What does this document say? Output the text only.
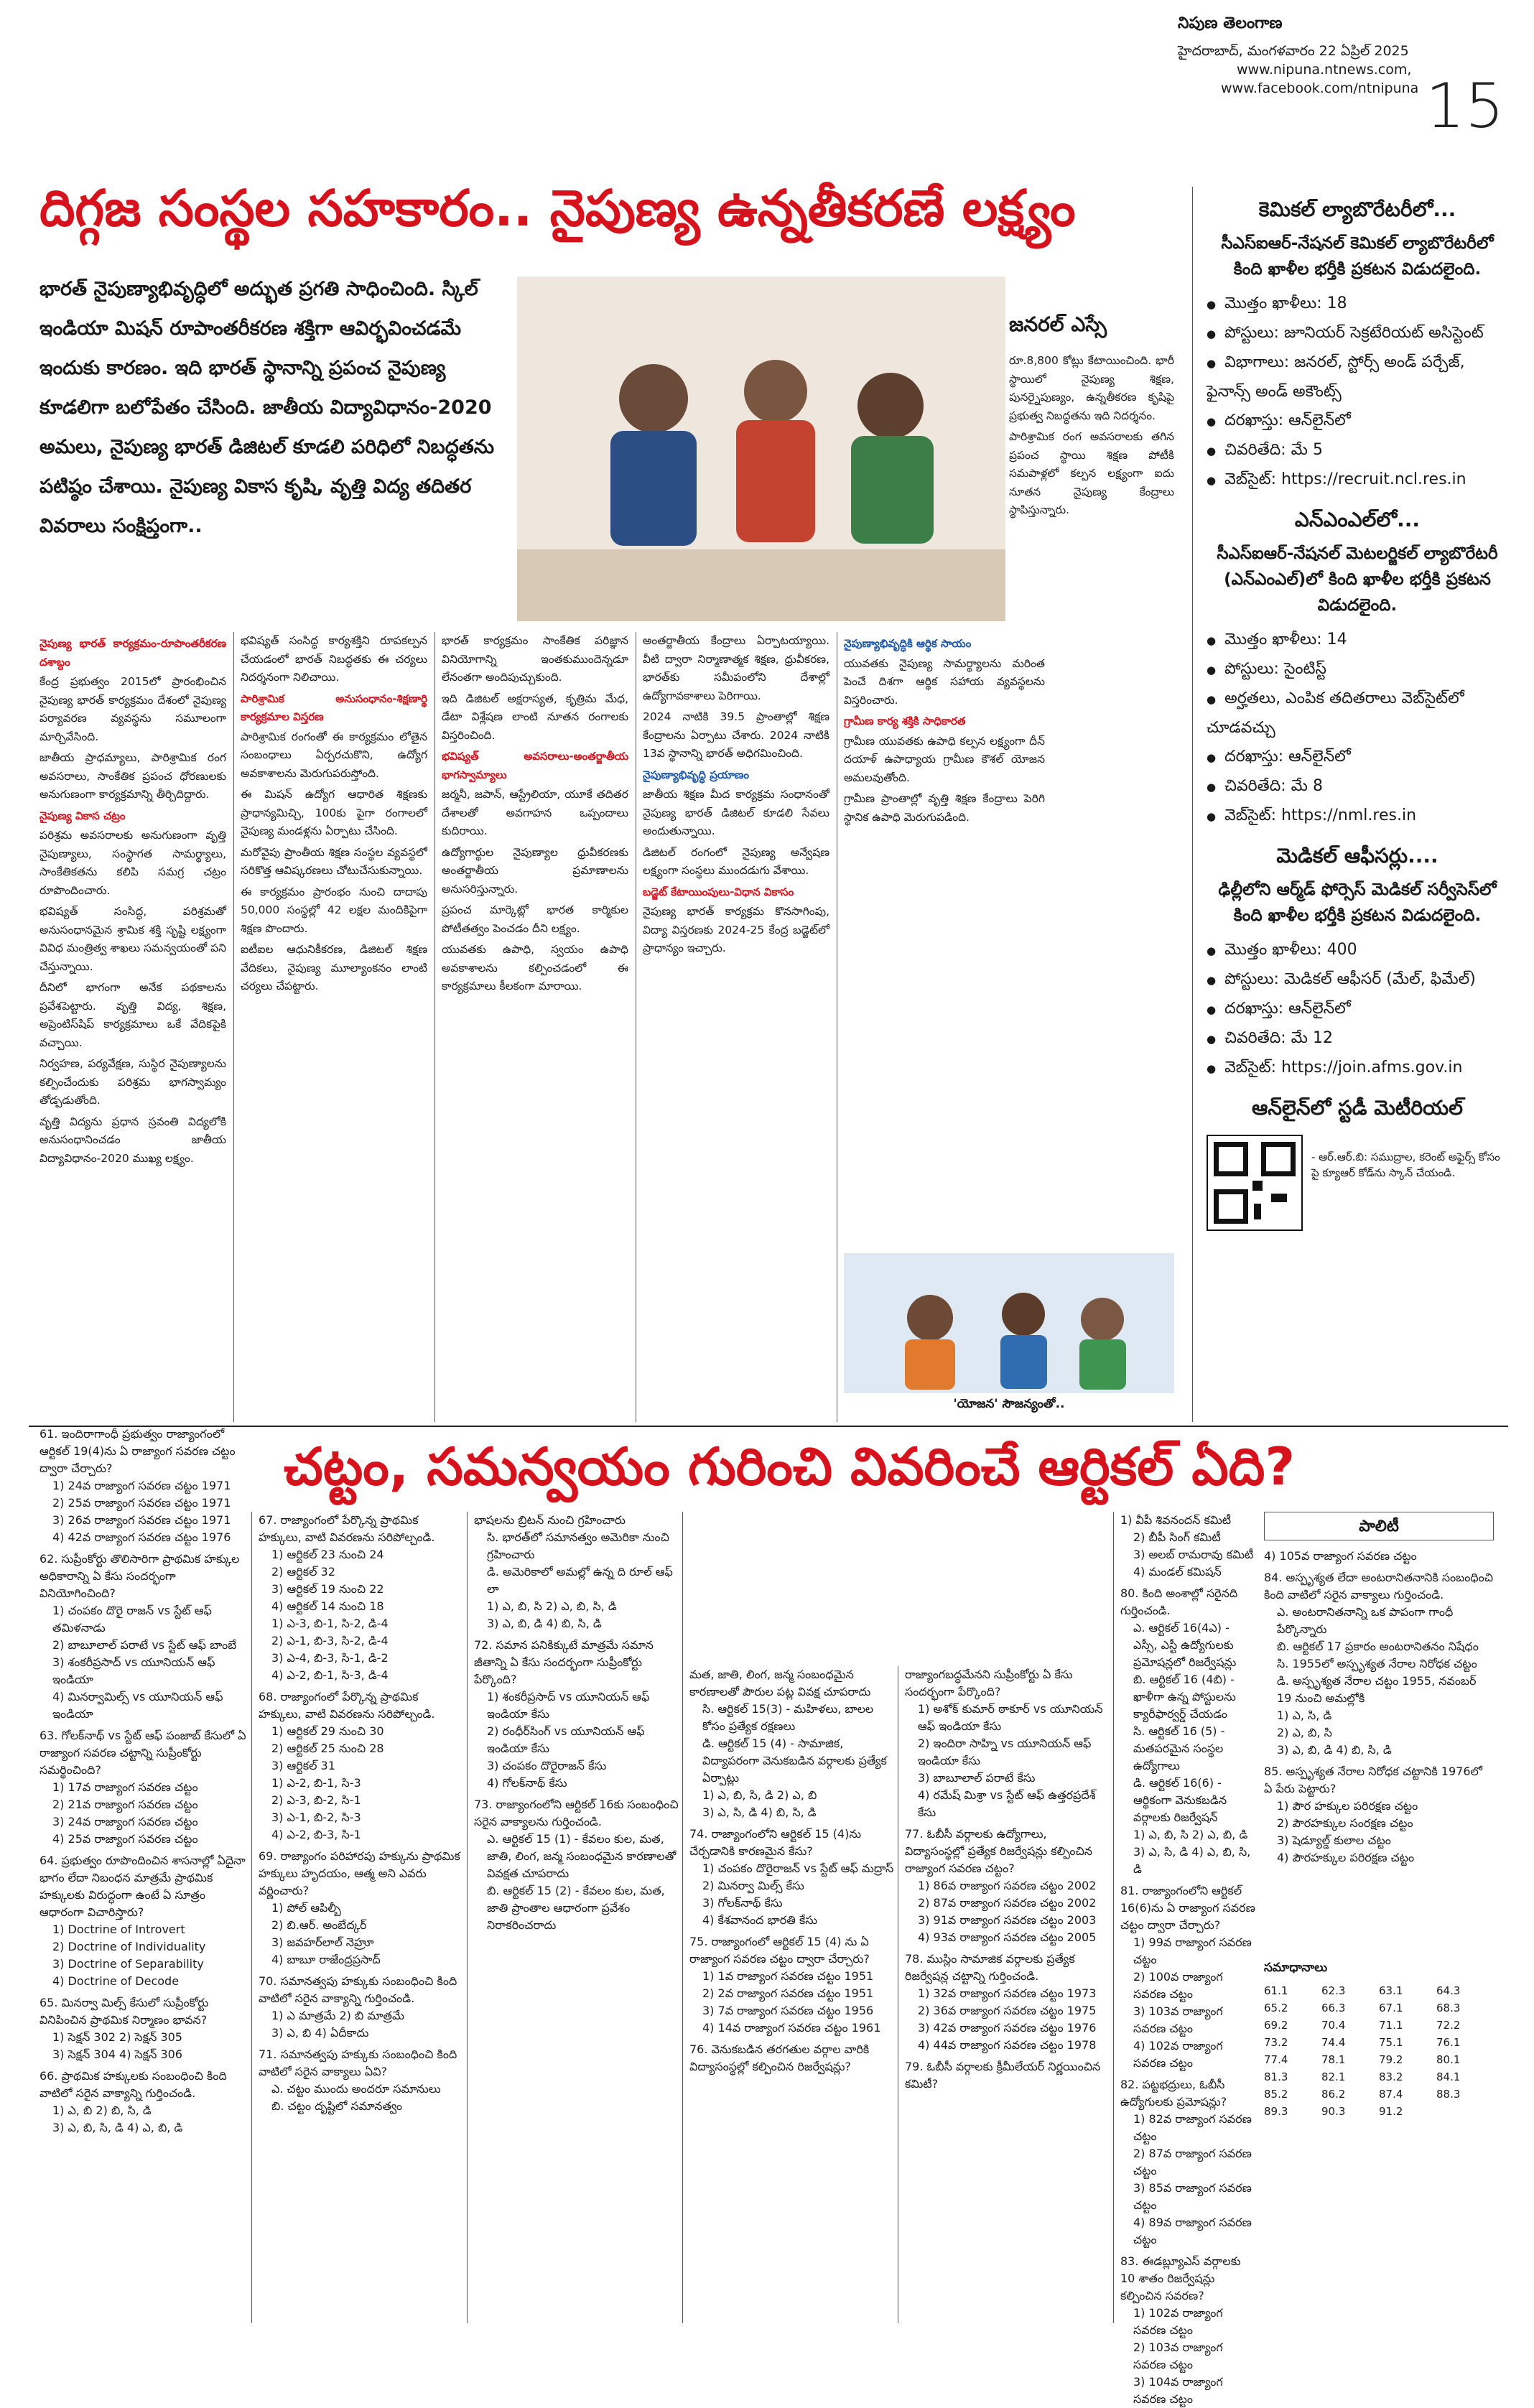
నిపుణ తెలంగాణ
హైదరాబాద్, మంగళవారం 22 ఏప్రిల్ 2025
www.nipuna.ntnews.com,
www.facebook.com/ntnipuna 15
దిగ్గజ సంస్థల సహకారం.. నైపుణ్య ఉన్నతీకరణే లక్ష్యం
భారత్ నైపుణ్యాభివృద్ధిలో అద్భుత ప్రగతి సాధించింది. స్కిల్ ఇండియా మిషన్ రూపాంతరీకరణ శక్తిగా ఆవిర్భవించడమే ఇందుకు కారణం. ఇది భారత్ స్థానాన్ని ప్రపంచ నైపుణ్య కూడలిగా బలోపేతం చేసింది. జాతీయ విద్యావిధానం-2020 అమలు, నైపుణ్య భారత్ డిజిటల్ కూడలి పరిధిలో నిబద్ధతను పటిష్ఠం చేశాయి. నైపుణ్య వికాస కృషి, వృత్తి విద్య తదితర వివరాలు సంక్షిప్తంగా..
జనరల్ ఎస్సే

రూ.8,800 కోట్లు కేటాయించింది. భారీ స్థాయిలో నైపుణ్య శిక్షణ, పునర్నైపుణ్యం, ఉన్నతీకరణ కృషిపై ప్రభుత్వ నిబద్ధతను ఇది నిదర్శనం.

పారిశ్రామిక రంగ అవసరాలకు తగిన ప్రపంచ స్థాయి శిక్షణ పోటీకి సమపాళ్లలో కల్పన లక్ష్యంగా ఐదు నూతన నైపుణ్య కేంద్రాలు స్థాపిస్తున్నారు.

నైపుణ్య భారత్ కార్యక్రమం-రూపాంతరీకరణ దశాబ్దం

కేంద్ర ప్రభుత్వం 2015లో ప్రారంభించిన నైపుణ్య భారత్ కార్యక్రమం దేశంలో నైపుణ్య పర్యావరణ వ్యవస్థను సమూలంగా మార్చివేసింది.

జాతీయ ప్రాధమ్యాలు, పారిశ్రామిక రంగ అవసరాలు, సాంకేతిక ప్రపంచ ధోరణులకు అనుగుణంగా కార్యక్రమాన్ని తీర్చిదిద్దారు.

నైపుణ్య వికాస చట్రం

పరిశ్రమ అవసరాలకు అనుగుణంగా వృత్తి నైపుణ్యాలు, సంస్థాగత సామర్థ్యాలు, సాంకేతికతను కలిపి సమగ్ర చట్రం రూపొందించారు.

భవిష్యత్ సంసిద్ధ, పరిశ్రమతో అనుసంధానమైన శ్రామిక శక్తి సృష్టి లక్ష్యంగా వివిధ మంత్రిత్వ శాఖలు సమన్వయంతో పని చేస్తున్నాయి.

దీనిలో భాగంగా అనేక పథకాలను ప్రవేశపెట్టారు. వృత్తి విద్య, శిక్షణ, అప్రెంటిస్‌షిప్ కార్యక్రమాలు ఒకే వేదికపైకి వచ్చాయి.

నిర్వహణ, పర్యవేక్షణ, సుస్థిర నైపుణ్యాలను కల్పించేందుకు పరిశ్రమ భాగస్వామ్యం తోడ్పడుతోంది.

వృత్తి విద్యను ప్రధాన స్రవంతి విద్యలోకి అనుసంధానించడం జాతీయ విద్యావిధానం-2020 ముఖ్య లక్ష్యం.

భవిష్యత్ సంసిద్ధ కార్యశక్తిని రూపకల్పన చేయడంలో భారత్ నిబద్ధతకు ఈ చర్యలు నిదర్శనంగా నిలిచాయి.

పారిశ్రామిక అనుసంధానం-శిక్షణార్థి కార్యక్రమాల విస్తరణ

పారిశ్రామిక రంగంతో ఈ కార్యక్రమం లోతైన సంబంధాలు ఏర్పరచుకొని, ఉద్యోగ అవకాశాలను మెరుగుపరుస్తోంది.

ఈ మిషన్ ఉద్యోగ ఆధారిత శిక్షణకు ప్రాధాన్యమిచ్చి, 100కు పైగా రంగాలలో నైపుణ్య మండళ్లను ఏర్పాటు చేసింది.

మరోవైపు ప్రాంతీయ శిక్షణ సంస్థల వ్యవస్థలో సరికొత్త ఆవిష్కరణలు చోటుచేసుకున్నాయి.

ఈ కార్యక్రమం ప్రారంభం నుంచి దాదాపు 50,000 సంస్థల్లో 42 లక్షల మందికిపైగా శిక్షణ పొందారు.

ఐటీఐల ఆధునికీకరణ, డిజిటల్ శిక్షణ వేదికలు, నైపుణ్య మూల్యాంకనం లాంటి చర్యలు చేపట్టారు.

భారత్ కార్యక్రమం సాంకేతిక పరిజ్ఞాన వినియోగాన్ని ఇంతకుముందెన్నడూ లేనంతగా అందిపుచ్చుకుంది.

ఇది డిజిటల్ అక్షరాస్యత, కృత్రిమ మేధ, డేటా విశ్లేషణ లాంటి నూతన రంగాలకు విస్తరించింది.

భవిష్యత్ అవసరాలు-అంతర్జాతీయ భాగస్వామ్యాలు

జర్మనీ, జపాన్, ఆస్ట్రేలియా, యూకే తదితర దేశాలతో అవగాహన ఒప్పందాలు కుదిరాయి.

ఉద్యోగార్థుల నైపుణ్యాల ధ్రువీకరణకు అంతర్జాతీయ ప్రమాణాలను అనుసరిస్తున్నారు.

ప్రపంచ మార్కెట్లో భారత కార్మికుల పోటీతత్వం పెంచడం దీని లక్ష్యం.

యువతకు ఉపాధి, స్వయం ఉపాధి అవకాశాలను కల్పించడంలో ఈ కార్యక్రమాలు కీలకంగా మారాయి.

అంతర్జాతీయ కేంద్రాలు ఏర్పాటయ్యాయి. వీటి ద్వారా నిర్మాణాత్మక శిక్షణ, ధ్రువీకరణ, భారత్‌కు సమీపంలోని దేశాల్లో ఉద్యోగావకాశాలు పెరిగాయి.

2024 నాటికి 39.5 ప్రాంతాల్లో శిక్షణ కేంద్రాలను ఏర్పాటు చేశారు. 2024 నాటికి 13వ స్థానాన్ని భారత్ అధిగమించింది.

నైపుణ్యాభివృద్ధి ప్రయాణం

జాతీయ శిక్షణ మీద కార్యక్రమ సంధానంతో నైపుణ్య భారత్ డిజిటల్ కూడలి సేవలు అందుతున్నాయి.

డిజిటల్ రంగంలో నైపుణ్య అన్వేషణ లక్ష్యంగా సంస్థలు ముందడుగు వేశాయి.

బడ్జెట్ కేటాయింపులు-విధాన వికాసం

నైపుణ్య భారత్ కార్యక్రమ కొనసాగింపు, విద్యా విస్తరణకు 2024-25 కేంద్ర బడ్జెట్‌లో ప్రాధాన్యం ఇచ్చారు.

నైపుణ్యాభివృద్ధికి ఆర్థిక సాయం

యువతకు నైపుణ్య సామర్థ్యాలను మరింత పెంచే దిశగా ఆర్థిక సహాయ వ్యవస్థలను విస్తరించారు.

గ్రామీణ కార్య శక్తికి సాధికారత

గ్రామీణ యువతకు ఉపాధి కల్పన లక్ష్యంగా దీన్ దయాళ్ ఉపాధ్యాయ గ్రామీణ కౌశల్ యోజన అమలవుతోంది.

గ్రామీణ ప్రాంతాల్లో వృత్తి శిక్షణ కేంద్రాలు పెరిగి స్థానిక ఉపాధి మెరుగుపడింది.

'యోజన' సౌజన్యంతో..
కెమికల్ ల్యాబొరేటరీలో...
సీఎస్ఐఆర్-నేషనల్ కెమికల్ ల్యాబొరేటరీలో కింది ఖాళీల భర్తీకి ప్రకటన విడుదలైంది.
● మొత్తం ఖాళీలు: 18
● పోస్టులు: జూనియర్ సెక్రటేరియట్ అసిస్టెంట్
● విభాగాలు: జనరల్, స్టోర్స్ అండ్ పర్చేజ్, ఫైనాన్స్ అండ్ అకౌంట్స్
● దరఖాస్తు: ఆన్‌లైన్‌లో
● చివరితేది: మే 5
● వెబ్‌సైట్: https://recruit.ncl.res.in
ఎన్ఎంఎల్‌లో...
సీఎస్ఐఆర్-నేషనల్ మెటలర్జికల్ ల్యాబొరేటరీ (ఎన్ఎంఎల్)లో కింది ఖాళీల భర్తీకి ప్రకటన విడుదలైంది.
● మొత్తం ఖాళీలు: 14
● పోస్టులు: సైంటిస్ట్
● అర్హతలు, ఎంపిక తదితరాలు వెబ్‌సైట్‌లో చూడవచ్చు
● దరఖాస్తు: ఆన్‌లైన్‌లో
● చివరితేది: మే 8
● వెబ్‌సైట్: https://nml.res.in
మెడికల్ ఆఫీసర్లు....
ఢిల్లీలోని ఆర్మ్‌డ్ ఫోర్సెస్ మెడికల్ సర్వీసెస్‌లో కింది ఖాళీల భర్తీకి ప్రకటన విడుదలైంది.
● మొత్తం ఖాళీలు: 400
● పోస్టులు: మెడికల్ ఆఫీసర్ (మేల్, ఫిమేల్)
● దరఖాస్తు: ఆన్‌లైన్‌లో
● చివరితేది: మే 12
● వెబ్‌సైట్: https://join.afms.gov.in
ఆన్‌లైన్‌లో స్టడీ మెటీరియల్
- ఆర్.ఆర్.బి: సముద్రాల, కరెంట్ అఫైర్స్ కోసం పై క్యూఆర్ కోడ్‌ను స్కాన్ చేయండి.
చట్టం, సమన్వయం గురించి వివరించే ఆర్టికల్ ఏది?
పాలిటీ
61. ఇందిరాగాంధీ ప్రభుత్వం రాజ్యాంగంలో ఆర్టికల్ 19(4)ను ఏ రాజ్యాంగ సవరణ చట్టం ద్వారా చేర్చారు?
1) 24వ రాజ్యాంగ సవరణ చట్టం 1971
2) 25వ రాజ్యాంగ సవరణ చట్టం 1971
3) 26వ రాజ్యాంగ సవరణ చట్టం 1971
4) 42వ రాజ్యాంగ సవరణ చట్టం 1976
62. సుప్రీంకోర్టు తొలిసారిగా ప్రాథమిక హక్కుల అధికారాన్ని ఏ కేసు సందర్భంగా వినియోగించింది?
1) చంపకం దొరై రాజన్ vs స్టేట్ ఆఫ్ తమిళనాడు
2) బాబూలాల్ పరాటే vs స్టేట్ ఆఫ్ బాంబే
3) శంకరీప్రసాద్ vs యూనియన్ ఆఫ్ ఇండియా
4) మినర్వామిల్స్ vs యూనియన్ ఆఫ్ ఇండియా
63. గోలక్‌నాథ్ vs స్టేట్ ఆఫ్ పంజాబ్ కేసులో ఏ రాజ్యాంగ సవరణ చట్టాన్ని సుప్రీంకోర్టు సమర్థించింది?
1) 17వ రాజ్యాంగ సవరణ చట్టం
2) 21వ రాజ్యాంగ సవరణ చట్టం
3) 24వ రాజ్యాంగ సవరణ చట్టం
4) 25వ రాజ్యాంగ సవరణ చట్టం
64. ప్రభుత్వం రూపొందించిన శాసనాల్లో ఏదైనా భాగం లేదా నిబంధన మాత్రమే ప్రాథమిక హక్కులకు విరుద్ధంగా ఉంటే ఏ సూత్రం ఆధారంగా విచారిస్తారు?
1) Doctrine of Introvert
2) Doctrine of Individuality
3) Doctrine of Separability
4) Doctrine of Decode
65. మినర్వా మిల్స్ కేసులో సుప్రీంకోర్టు వినిపించిన ప్రాథమిక నిర్మాణం భావన?
1) సెక్షన్ 302 2) సెక్షన్ 305
3) సెక్షన్ 304 4) సెక్షన్ 306
66. ప్రాథమిక హక్కులకు సంబంధించి కింది వాటిలో సరైన వాక్యాన్ని గుర్తించండి.
1) ఎ, బి 2) బి, సి, డి
3) ఎ, బి, సి, డి 4) ఎ, బి, డి
67. రాజ్యాంగంలో పేర్కొన్న ప్రాథమిక హక్కులు, వాటి వివరణను సరిపోల్చండి.
1) ఆర్టికల్ 23 నుంచి 24
2) ఆర్టికల్ 32
3) ఆర్టికల్ 19 నుంచి 22
4) ఆర్టికల్ 14 నుంచి 18
1) ఎ-3, బి-1, సి-2, డి-4
2) ఎ-1, బి-3, సి-2, డి-4
3) ఎ-4, బి-3, సి-1, డి-2
4) ఎ-2, బి-1, సి-3, డి-4
68. రాజ్యాంగంలో పేర్కొన్న ప్రాథమిక హక్కులు, వాటి వివరణను సరిపోల్చండి.
1) ఆర్టికల్ 29 నుంచి 30
2) ఆర్టికల్ 25 నుంచి 28
3) ఆర్టికల్ 31
1) ఎ-2, బి-1, సి-3
2) ఎ-3, బి-2, సి-1
3) ఎ-1, బి-2, సి-3
4) ఎ-2, బి-3, సి-1
69. రాజ్యాంగం పరిహారపు హక్కును ప్రాథమిక హక్కులు హృదయం, ఆత్మ అని ఎవరు వర్ణించారు?
1) పోల్ ఆపిల్బీ
2) బి.ఆర్. అంబేద్కర్
3) జవహర్‌లాల్ నెహ్రూ
4) బాబూ రాజేంద్రప్రసాద్
70. సమానత్వపు హక్కుకు సంబంధించి కింది వాటిలో సరైన వాక్యాన్ని గుర్తించండి.
1) ఎ మాత్రమే 2) బి మాత్రమే
3) ఎ, బి 4) ఏదీకాదు
71. సమానత్వపు హక్కుకు సంబంధించి కింది వాటిలో సరైన వాక్యాలు ఏవి?
ఎ. చట్టం ముందు అందరూ సమానులు
బి. చట్టం దృష్టిలో సమానత్వం
భాషలను బ్రిటన్ నుంచి గ్రహించారు
సి. భారత్‌లో సమానత్వం అమెరికా నుంచి గ్రహించారు
డి. అమెరికాలో అమల్లో ఉన్న ది రూల్ ఆఫ్ లా
1) ఎ, బి, సి 2) ఎ, బి, సి, డి
3) ఎ, బి, డి 4) బి, సి, డి
72. సమాన పనికిక్కుటే మాత్రమే సమాన జీతాన్ని ఏ కేసు సందర్భంగా సుప్రీంకోర్టు పేర్కొంది?
1) శంకరీప్రసాద్ vs యూనియన్ ఆఫ్ ఇండియా కేసు
2) రంధీర్‌సింగ్ vs యూనియన్ ఆఫ్ ఇండియా కేసు
3) చంపకం దొరైరాజన్ కేసు
4) గోలక్‌నాథ్ కేసు
73. రాజ్యాంగంలోని ఆర్టికల్ 16కు సంబంధించి సరైన వాక్యాలను గుర్తించండి.
ఎ. ఆర్టికల్ 15 (1) - కేవలం కుల, మత, జాతి, లింగ, జన్మ సంబంధమైన కారణాలతో వివక్షత చూపరాదు
బి. ఆర్టికల్ 15 (2) - కేవలం కుల, మత, జాతి ప్రాంతాల ఆధారంగా ప్రవేశం నిరాకరించరాదు
మత, జాతి, లింగ, జన్మ సంబంధమైన కారణాలతో పౌరుల పట్ల వివక్ష చూపరాదు
సి. ఆర్టికల్ 15(3) - మహిళలు, బాలల కోసం ప్రత్యేక రక్షణలు
డి. ఆర్టికల్ 15 (4) - సామాజిక, విద్యాపరంగా వెనుకబడిన వర్గాలకు ప్రత్యేక ఏర్పాట్లు
1) ఎ, బి, సి, డి 2) ఎ, బి
3) ఎ, సి, డి 4) బి, సి, డి
74. రాజ్యాంగంలోని ఆర్టికల్ 15 (4)ను చేర్చడానికి కారణమైన కేసు?
1) చంపకం దొరైరాజన్ vs స్టేట్ ఆఫ్ మద్రాస్
2) మినర్వా మిల్స్ కేసు
3) గోలక్‌నాథ్ కేసు
4) కేశవానంద భారతి కేసు
75. రాజ్యాంగంలో ఆర్టికల్ 15 (4) ను ఏ రాజ్యాంగ సవరణ చట్టం ద్వారా చేర్చారు?
1) 1వ రాజ్యాంగ సవరణ చట్టం 1951
2) 2వ రాజ్యాంగ సవరణ చట్టం 1951
3) 7వ రాజ్యాంగ సవరణ చట్టం 1956
4) 14వ రాజ్యాంగ సవరణ చట్టం 1961
76. వెనుకబడిన తరగతుల వర్గాల వారికి విద్యాసంస్థల్లో కల్పించిన రిజర్వేషన్లు?
రాజ్యాంగబద్ధమేనని సుప్రీంకోర్టు ఏ కేసు సందర్భంగా పేర్కొంది?
1) అశోక్ కుమార్ ఠాకూర్ vs యూనియన్ ఆఫ్ ఇండియా కేసు
2) ఇందిరా సాహ్ని vs యూనియన్ ఆఫ్ ఇండియా కేసు
3) బాబూలాల్ పరాటే కేసు
4) రమేష్ మిశ్రా vs స్టేట్ ఆఫ్ ఉత్తరప్రదేశ్ కేసు
77. ఓబీసీ వర్గాలకు ఉద్యోగాలు, విద్యాసంస్థల్లో ప్రత్యేక రిజర్వేషన్లు కల్పించిన రాజ్యాంగ సవరణ చట్టం?
1) 86వ రాజ్యాంగ సవరణ చట్టం 2002
2) 87వ రాజ్యాంగ సవరణ చట్టం 2002
3) 91వ రాజ్యాంగ సవరణ చట్టం 2003
4) 93వ రాజ్యాంగ సవరణ చట్టం 2005
78. ముస్లిం సామాజిక వర్గాలకు ప్రత్యేక రిజర్వేషన్ల చట్టాన్ని గుర్తించండి.
1) 32వ రాజ్యాంగ సవరణ చట్టం 1973
2) 36వ రాజ్యాంగ సవరణ చట్టం 1975
3) 42వ రాజ్యాంగ సవరణ చట్టం 1976
4) 44వ రాజ్యాంగ సవరణ చట్టం 1978
79. ఓబీసీ వర్గాలకు క్రీమీలేయర్ నిర్ణయించిన కమిటీ?
1) వీపీ శివనందన్ కమిటీ
2) బీపీ సింగ్ కమిటీ
3) అలబ్ రామరావు కమిటీ
4) మండల్ కమిషన్
80. కింది అంశాల్లో సరైనది గుర్తించండి.
ఎ. ఆర్టికల్ 16(4ఎ) - ఎస్సీ, ఎస్టీ ఉద్యోగులకు ప్రమోషన్లలో రిజర్వేషన్లు
బి. ఆర్టికల్ 16 (4బి) - ఖాళీగా ఉన్న పోస్టులను క్యారీఫార్వర్డ్ చేయడం
సి. ఆర్టికల్ 16 (5) - మతపరమైన సంస్థల ఉద్యోగాలు
డి. ఆర్టికల్ 16(6) - ఆర్థికంగా వెనుకబడిన వర్గాలకు రిజర్వేషన్
1) ఎ, బి, సి 2) ఎ, బి, డి
3) ఎ, సి, డి 4) ఎ, బి, సి, డి
81. రాజ్యాంగంలోని ఆర్టికల్ 16(6)ను ఏ రాజ్యాంగ సవరణ చట్టం ద్వారా చేర్చారు?
1) 99వ రాజ్యాంగ సవరణ చట్టం
2) 100వ రాజ్యాంగ సవరణ చట్టం
3) 103వ రాజ్యాంగ సవరణ చట్టం
4) 102వ రాజ్యాంగ సవరణ చట్టం
82. పట్టభద్రులు, ఓబీసీ ఉద్యోగులకు ప్రమోషన్లు?
1) 82వ రాజ్యాంగ సవరణ చట్టం
2) 87వ రాజ్యాంగ సవరణ చట్టం
3) 85వ రాజ్యాంగ సవరణ చట్టం
4) 89వ రాజ్యాంగ సవరణ చట్టం
83. ఈడబ్ల్యూఎస్ వర్గాలకు 10 శాతం రిజర్వేషన్లు కల్పించిన సవరణ?
1) 102వ రాజ్యాంగ సవరణ చట్టం
2) 103వ రాజ్యాంగ సవరణ చట్టం
3) 104వ రాజ్యాంగ సవరణ చట్టం
4) 105వ రాజ్యాంగ సవరణ చట్టం
84. అస్పృశ్యత లేదా అంటరానితనానికి సంబంధించి కింది వాటిలో సరైన వాక్యాలు గుర్తించండి.
ఎ. అంటరానితనాన్ని ఒక పాపంగా గాంధీ పేర్కొన్నారు
బి. ఆర్టికల్ 17 ప్రకారం అంటరానితనం నిషేధం
సి. 1955లో అస్పృశ్యత నేరాల నిరోధక చట్టం
డి. అస్పృశ్యత నేరాల చట్టం 1955, నవంబర్ 19 నుంచి అమల్లోకి
1) ఎ, సి, డి
2) ఎ, బి, సి
3) ఎ, బి, డి 4) బి, సి, డి
85. అస్పృశ్యత నేరాల నిరోధక చట్టానికి 1976లో ఏ పేరు పెట్టారు?
1) పౌర హక్కుల పరిరక్షణ చట్టం
2) పౌరహక్కుల సంరక్షణ చట్టం
3) షెడ్యూల్డ్ కులాల చట్టం
4) పౌరహక్కుల పరిరక్షణ చట్టం
సమాధానాలు
61.1	62.3	63.1	64.3
65.2	66.3	67.1	68.3
69.2	70.4	71.1	72.2
73.2	74.4	75.1	76.1
77.4	78.1	79.2	80.1
81.3	82.1	83.2	84.1
85.2	86.2	87.4	88.3
89.3	90.3	91.2
